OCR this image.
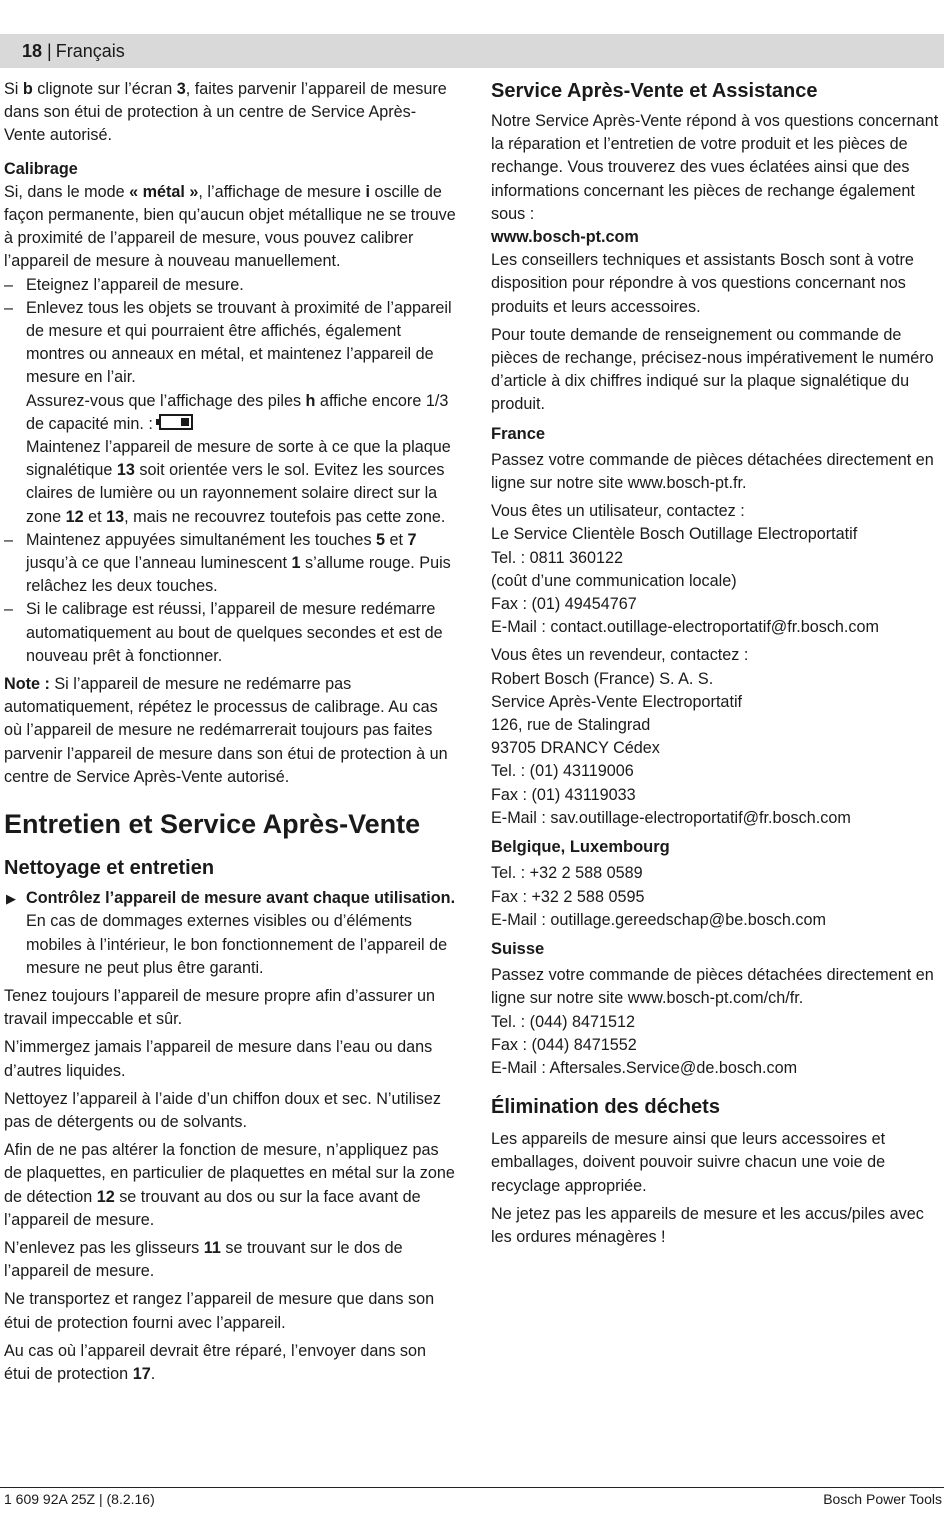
18 | Français

Si b clignote sur l’écran 3, faites parvenir l’appareil de mesure dans son étui de protection à un centre de Service Après-Vente autorisé.

Calibrage

Si, dans le mode « métal », l’affichage de mesure i oscille de façon permanente, bien qu’aucun objet métallique ne se trouve à proximité de l’appareil de mesure, vous pouvez calibrer l’appareil de mesure à nouveau manuellement.

– Eteignez l’appareil de mesure.

– Enlevez tous les objets se trouvant à proximité de l’appareil de mesure et qui pourraient être affichés, également montres ou anneaux en métal, et maintenez l’appareil de mesure en l’air.

Assurez-vous que l’affichage des piles h affiche encore 1/3 de capacité min. :

Maintenez l’appareil de mesure de sorte à ce que la plaque signalétique 13 soit orientée vers le sol. Evitez les sources claires de lumière ou un rayonnement solaire direct sur la zone 12 et 13, mais ne recouvrez toutefois pas cette zone.

– Maintenez appuyées simultanément les touches 5 et 7 jusqu’à ce que l’anneau luminescent 1 s’allume rouge. Puis relâchez les deux touches.

– Si le calibrage est réussi, l’appareil de mesure redémarre automatiquement au bout de quelques secondes et est de nouveau prêt à fonctionner.

Note : Si l’appareil de mesure ne redémarre pas automatiquement, répétez le processus de calibrage. Au cas où l’appareil de mesure ne redémarrerait toujours pas faites parvenir l’appareil de mesure dans son étui de protection à un centre de Service Après-Vente autorisé.

Entretien et Service Après-Vente
Nettoyage et entretien
▶ Contrôlez l’appareil de mesure avant chaque utilisation. En cas de dommages externes visibles ou d’éléments mobiles à l’intérieur, le bon fonctionnement de l’appareil de mesure ne peut plus être garanti.

Tenez toujours l’appareil de mesure propre afin d’assurer un travail impeccable et sûr.

N’immergez jamais l’appareil de mesure dans l’eau ou dans d’autres liquides.

Nettoyez l’appareil à l’aide d’un chiffon doux et sec. N’utilisez pas de détergents ou de solvants.

Afin de ne pas altérer la fonction de mesure, n’appliquez pas de plaquettes, en particulier de plaquettes en métal sur la zone de détection 12 se trouvant au dos ou sur la face avant de l’appareil de mesure.

N’enlevez pas les glisseurs 11 se trouvant sur le dos de l’appareil de mesure.

Ne transportez et rangez l’appareil de mesure que dans son étui de protection fourni avec l’appareil.

Au cas où l’appareil devrait être réparé, l’envoyer dans son étui de protection 17.

Service Après-Vente et Assistance

Notre Service Après-Vente répond à vos questions concernant la réparation et l’entretien de votre produit et les pièces de rechange. Vous trouverez des vues éclatées ainsi que des informations concernant les pièces de rechange également sous :

www.bosch-pt.com

Les conseillers techniques et assistants Bosch sont à votre disposition pour répondre à vos questions concernant nos produits et leurs accessoires.

Pour toute demande de renseignement ou commande de pièces de rechange, précisez-nous impérativement le numéro d’article à dix chiffres indiqué sur la plaque signalétique du produit.

France

Passez votre commande de pièces détachées directement en ligne sur notre site www.bosch-pt.fr.

Vous êtes un utilisateur, contactez :
Le Service Clientèle Bosch Outillage Electroportatif
Tel. : 0811 360122
(coût d’une communication locale)
Fax : (01) 49454767
E-Mail : contact.outillage-electroportatif@fr.bosch.com
Vous êtes un revendeur, contactez :
Robert Bosch (France) S. A. S.
Service Après-Vente Electroportatif
126, rue de Stalingrad
93705 DRANCY Cédex
Tel. : (01) 43119006
Fax : (01) 43119033
E-Mail : sav.outillage-electroportatif@fr.bosch.com

Belgique, Luxembourg

Tel. : +32 2 588 0589
Fax : +32 2 588 0595
E-Mail : outillage.gereedschap@be.bosch.com

Suisse

Passez votre commande de pièces détachées directement en ligne sur notre site www.bosch-pt.com/ch/fr.

Tel. : (044) 8471512
Fax : (044) 8471552
E-Mail : Aftersales.Service@de.bosch.com
Élimination des déchets

Les appareils de mesure ainsi que leurs accessoires et emballages, doivent pouvoir suivre chacun une voie de recyclage appropriée.

Ne jetez pas les appareils de mesure et les accus/piles avec les ordures ménagères !

1 609 92A 25Z | (8.2.16)	Bosch Power Tools
